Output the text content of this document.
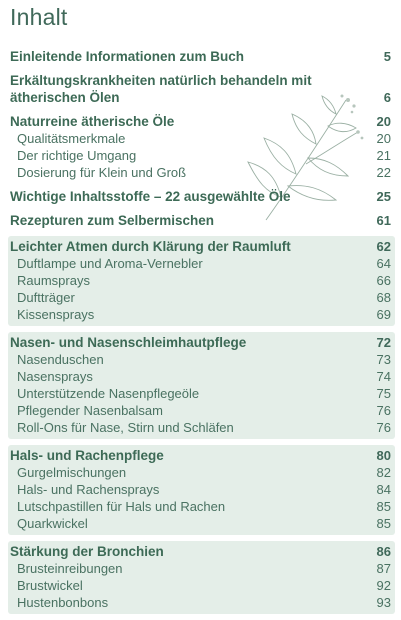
Inhalt
Einleitende Informationen zum Buch	5
Erkältungskrankheiten natürlich behandeln mit ätherischen Ölen	6
Naturreine ätherische Öle	20
Qualitätsmerkmale	20
Der richtige Umgang	21
Dosierung für Klein und Groß	22
Wichtige Inhaltsstoffe – 22 ausgewählte Öle	25
Rezepturen zum Selbermischen	61
Leichter Atmen durch Klärung der Raumluft	62
Duftlampe und Aroma-Vernebler	64
Raumsprays	66
Duftträger	68
Kissensprays	69
Nasen- und Nasenschleimhautpflege	72
Nasenduschen	73
Nasensprays	74
Unterstützende Nasenpflegeöle	75
Pflegender Nasenbalsam	76
Roll-Ons für Nase, Stirn und Schläfen	76
Hals- und Rachenpflege	80
Gurgelmischungen	82
Hals- und Rachensprays	84
Lutschpastillen für Hals und Rachen	85
Quarkwickel	85
Stärkung der Bronchien	86
Brusteinreibungen	87
Brustwickel	92
Hustenbonbons	93
